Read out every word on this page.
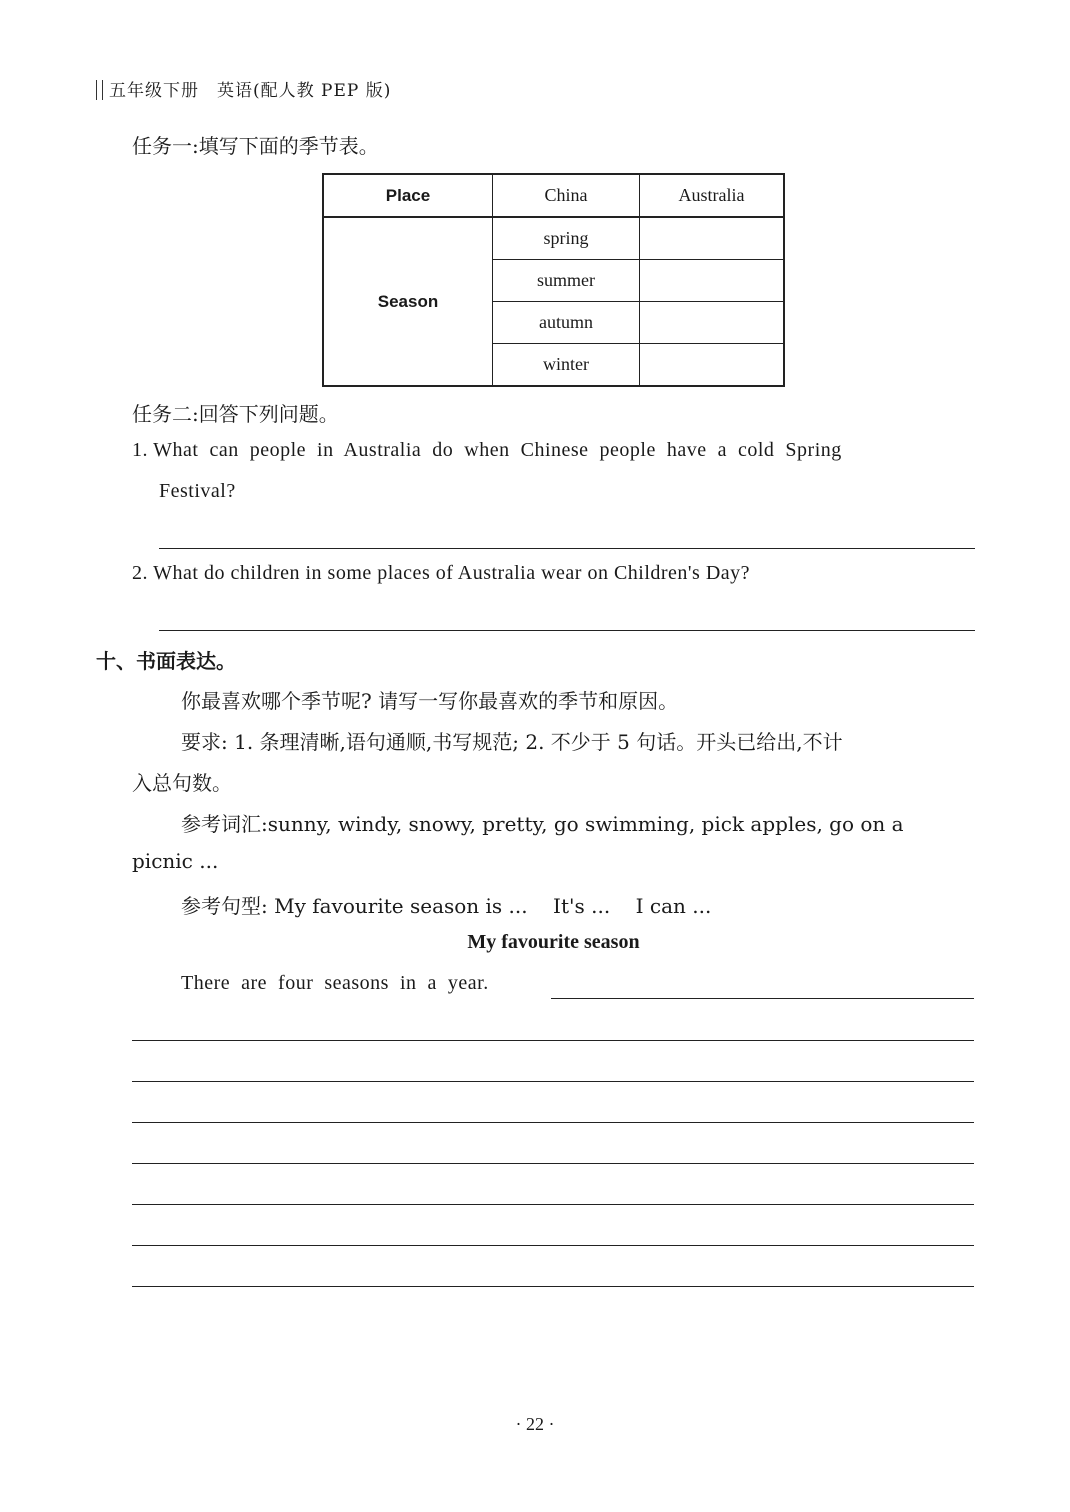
五年级下册　英语(配人教 PEP 版)
任务一:填写下面的季节表。
Place	China	Australia
Season	spring	
	summer	
	autumn	
	winter	
任务二:回答下列问题。
1. What  can  people  in  Australia  do  when  Chinese  people  have  a  cold  Spring
Festival?
2. What do children in some places of Australia wear on Children's Day?
十、书面表达。
你最喜欢哪个季节呢? 请写一写你最喜欢的季节和原因。
要求: 1. 条理清晰,语句通顺,书写规范; 2. 不少于 5 句话。开头已给出,不计
入总句数。
参考词汇:sunny, windy, snowy, pretty, go swimming, pick apples, go on a
picnic ...
参考句型: My favourite season is ...    It's ...    I can ...
My favourite season
There  are  four  seasons  in  a  year.
· 22 ·
